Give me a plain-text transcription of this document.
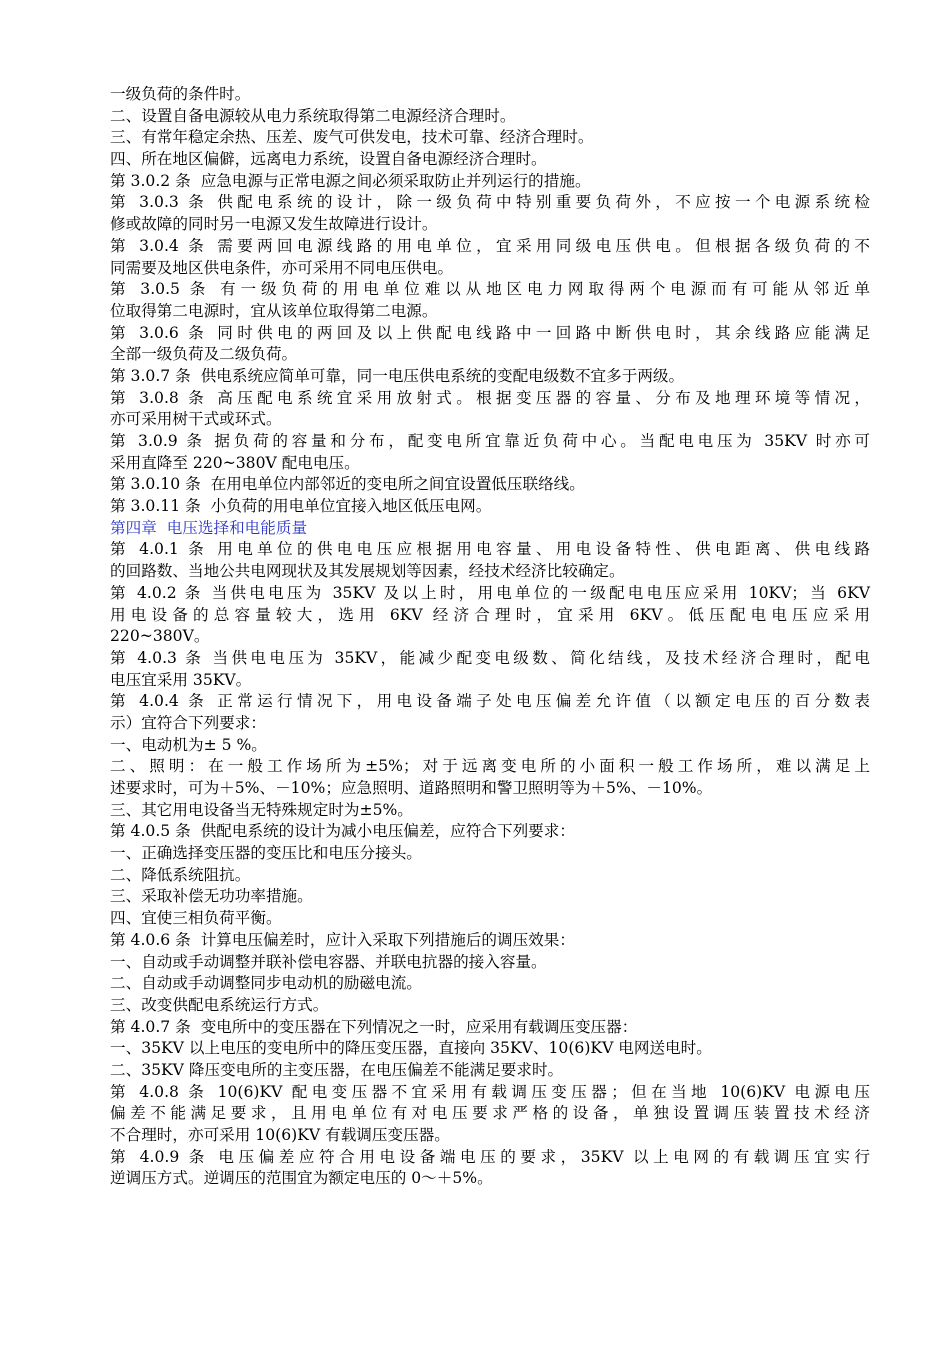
一级负荷的条件时。
二、设置自备电源较从电力系统取得第二电源经济合理时。
三、有常年稳定余热、压差、废气可供发电，技术可靠、经济合理时。
四、所在地区偏僻，远离电力系统，设置自备电源经济合理时。
第 3.0.2 条  应急电源与正常电源之间必须采取防止并列运行的措施。
第 3.0.3 条 供配电系统的设计，除一级负荷中特别重要负荷外，不应按一个电源系统检
修或故障的同时另一电源又发生故障进行设计。
第 3.0.4 条 需要两回电源线路的用电单位，宜采用同级电压供电。但根据各级负荷的不
同需要及地区供电条件，亦可采用不同电压供电。
第 3.0.5 条 有一级负荷的用电单位难以从地区电力网取得两个电源而有可能从邻近单
位取得第二电源时，宜从该单位取得第二电源。
第 3.0.6 条 同时供电的两回及以上供配电线路中一回路中断供电时，其余线路应能满足
全部一级负荷及二级负荷。
第 3.0.7 条  供电系统应简单可靠，同一电压供电系统的变配电级数不宜多于两级。
第 3.0.8 条 高压配电系统宜采用放射式。根据变压器的容量、分布及地理环境等情况，
亦可采用树干式或环式。
第 3.0.9 条 据负荷的容量和分布，配变电所宜靠近负荷中心。当配电电压为 35KV 时亦可
采用直降至 220~380V 配电电压。
第 3.0.10 条  在用电单位内部邻近的变电所之间宜设置低压联络线。
第 3.0.11 条  小负荷的用电单位宜接入地区低压电网。
第四章  电压选择和电能质量
第 4.0.1 条 用电单位的供电电压应根据用电容量、用电设备特性、供电距离、供电线路
的回路数、当地公共电网现状及其发展规划等因素，经技术经济比较确定。
第 4.0.2 条 当供电电压为 35KV 及以上时，用电单位的一级配电电压应采用 10KV；当 6KV
用电设备的总容量较大，选用 6KV 经济合理时，宜采用 6KV。低压配电电压应采用
220~380V。
第 4.0.3 条 当供电电压为 35KV，能减少配变电级数、简化结线，及技术经济合理时，配电
电压宜采用 35KV。
第 4.0.4 条 正常运行情况下，用电设备端子处电压偏差允许值（以额定电压的百分数表
示）宜符合下列要求：
一、电动机为± 5 %。
二、照明：在一般工作场所为±5%；对于远离变电所的小面积一般工作场所，难以满足上
述要求时，可为＋5%、－10%；应急照明、道路照明和警卫照明等为＋5%、－10%。
三、其它用电设备当无特殊规定时为±5%。
第 4.0.5 条  供配电系统的设计为减小电压偏差，应符合下列要求：
一、正确选择变压器的变压比和电压分接头。
二、降低系统阻抗。
三、采取补偿无功功率措施。
四、宜使三相负荷平衡。
第 4.0.6 条  计算电压偏差时，应计入采取下列措施后的调压效果：
一、自动或手动调整并联补偿电容器、并联电抗器的接入容量。
二、自动或手动调整同步电动机的励磁电流。
三、改变供配电系统运行方式。
第 4.0.7 条  变电所中的变压器在下列情况之一时，应采用有载调压变压器：
一、35KV 以上电压的变电所中的降压变压器，直接向 35KV、10(6)KV 电网送电时。
二、35KV 降压变电所的主变压器，在电压偏差不能满足要求时。
第 4.0.8 条 10(6)KV 配电变压器不宜采用有载调压变压器；但在当地 10(6)KV 电源电压
偏差不能满足要求，且用电单位有对电压要求严格的设备，单独设置调压装置技术经济
不合理时，亦可采用 10(6)KV 有载调压变压器。
第 4.0.9 条 电压偏差应符合用电设备端电压的要求，35KV 以上电网的有载调压宜实行
逆调压方式。逆调压的范围宜为额定电压的 0～＋5%。
